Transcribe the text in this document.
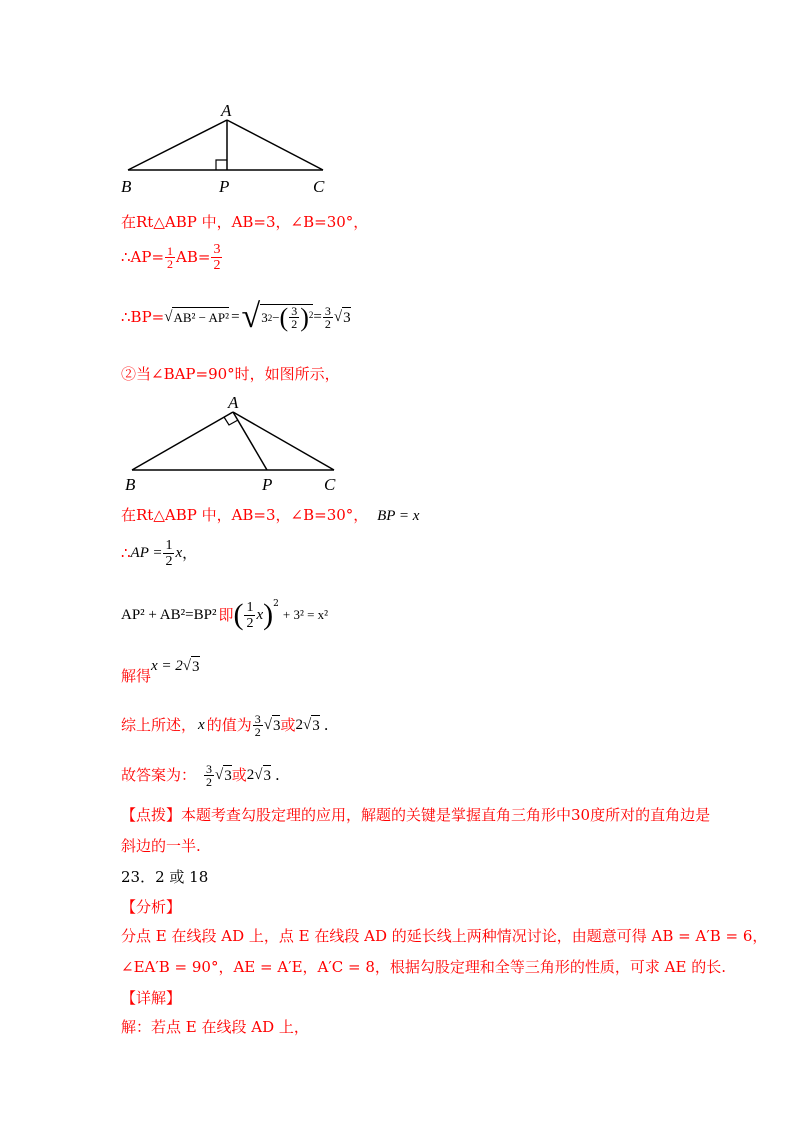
A
B	P	C
在Rt△ABP 中，AB=3，∠B=30°，
∴AP= $\frac{1}{2} AB= \frac{3}{2}$
∴BP= √ AB² − AP² = √ 3 2 − ( $\frac{3}{2}$ ) $2 = \frac{3}{2}$ √ 3
②当∠BAP=90°时，如图所示，
A
B	P	C
在Rt△ABP 中，AB=3，∠B=30°， BP = x
∴ AP = $\frac{1}{2}$ x ，
AP² + AB²=BP² 即 ( $\frac{1}{2}$ x )$^2$
+ 3² = x²
解得
x = 2 √ 3
综上所述， x 的值为 $\frac{3}{2}$ √ 3 或 2 √ 3 .
故答案为： $\frac{3}{2}$ √ 3 或 2 √ 3 .
【点拨】本题考查勾股定理的应用，解题的关键是掌握直角三角形中30度所对的直角边是
斜边的一半.
23．2 或 18
【分析】
分点 E 在线段 AD 上，点 E 在线段 AD 的延长线上两种情况讨论，由题意可得 AB = A′B = 6，
∠EA′B = 90°，AE = A′E，A′C = 8，根据勾股定理和全等三角形的性质，可求 AE 的长.
【详解】
解：若点 E 在线段 AD 上，
